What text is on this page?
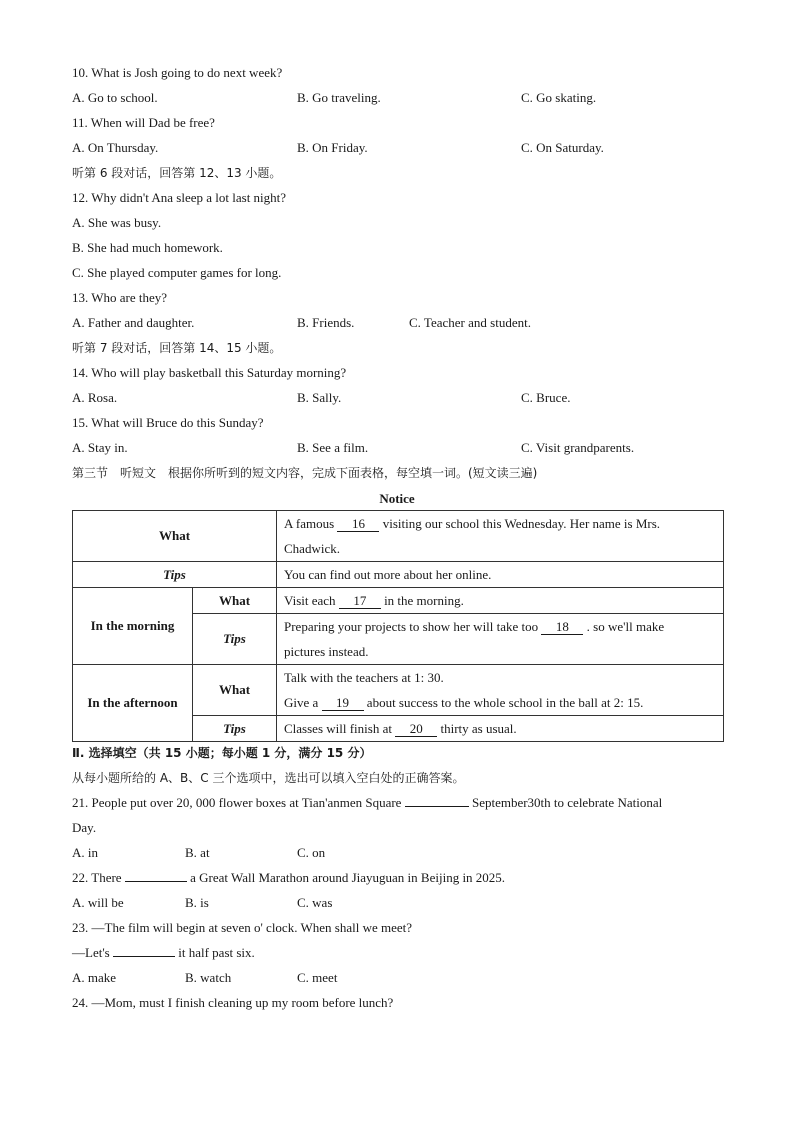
10. What is Josh going to do next week?
A. Go to school.	B. Go traveling.	C. Go skating.
11. When will Dad be free?
A. On Thursday.	B. On Friday.	C. On Saturday.
听第 6 段对话，回答第 12、13 小题。
12. Why didn't Ana sleep a lot last night?
A. She was busy.
B. She had much homework.
C. She played computer games for long.
13. Who are they?
A. Father and daughter.	B. Friends.	C. Teacher and student.
听第 7 段对话，回答第 14、15 小题。
14. Who will play basketball this Saturday morning?
A. Rosa.	B. Sally.	C. Bruce.
15. What will Bruce do this Sunday?
A. Stay in.	B. See a film.	C. Visit grandparents.
第三节　听短文　根据你所听到的短文内容，完成下面表格，每空填一词。(短文读三遍)
Notice
What		A famous 16 visiting our school this Wednesday. Her name is Mrs.
Chadwick.
Tips		You can find out more about her online.
In the morning	What	Visit each 17 in the morning.
	Tips	Preparing your projects to show her will take too 18 . so we'll make
pictures instead.
In the afternoon	What	Talk with the teachers at 1: 30.
Give a 19 about success to the whole school in the ball at 2: 15.
	Tips	Classes will finish at 20 thirty as usual.
Ⅱ. 选择填空（共 15 小题；每小题 1 分，满分 15 分）
从每小题所给的 A、B、C 三个选项中，选出可以填入空白处的正确答案。
21. People put over 20, 000 flower boxes at Tian'anmen Square	September30th to celebrate National
Day.
A. in	B. at	C. on
22. There	a Great Wall Marathon around Jiayuguan in Beijing in 2025.
A. will be	B. is	C. was
23. —The film will begin at seven o' clock. When shall we meet?
—Let's	it half past six.
A. make	B. watch	C. meet
24. —Mom, must I finish cleaning up my room before lunch?
